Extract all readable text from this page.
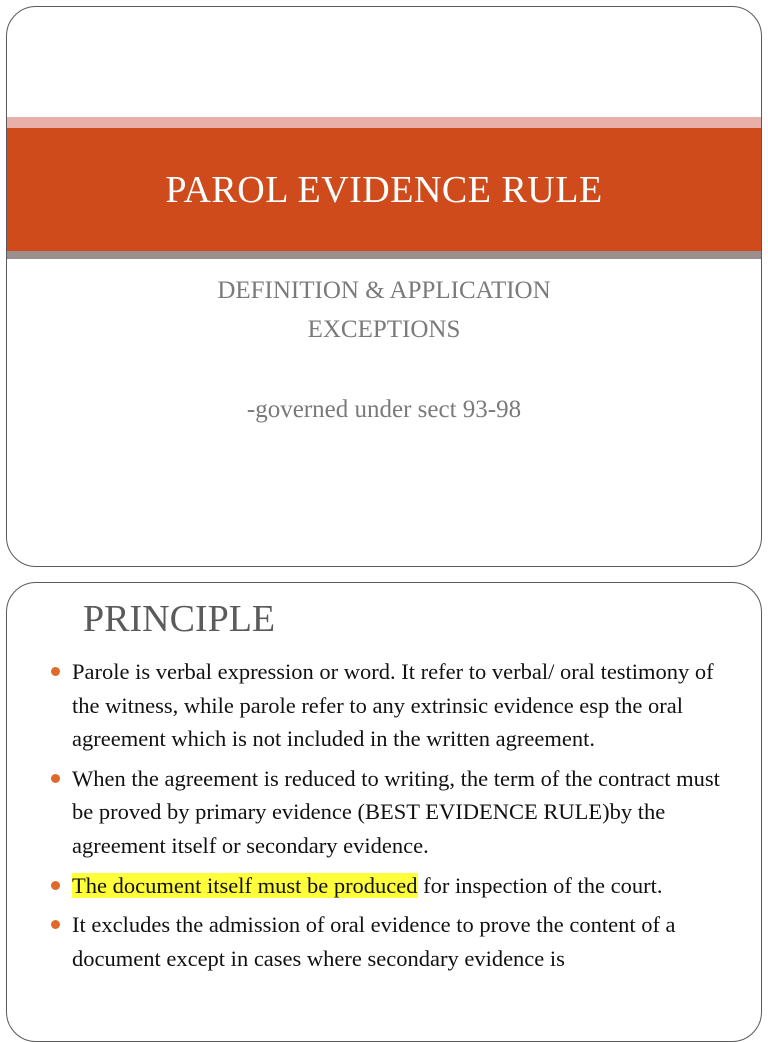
PAROL EVIDENCE RULE
DEFINITION & APPLICATION
EXCEPTIONS
-governed under sect 93-98
PRINCIPLE
Parole is verbal expression or word. It refer to verbal/ oral testimony of the witness, while parole refer to any extrinsic evidence esp the oral agreement which is not included in the written agreement.
When the agreement is reduced to writing, the term of the contract must be proved by primary evidence (BEST EVIDENCE RULE)by the agreement itself or secondary evidence.
The document itself must be produced for inspection of the court.
It excludes the admission of oral evidence to prove the content of a document except in cases where secondary evidence is
